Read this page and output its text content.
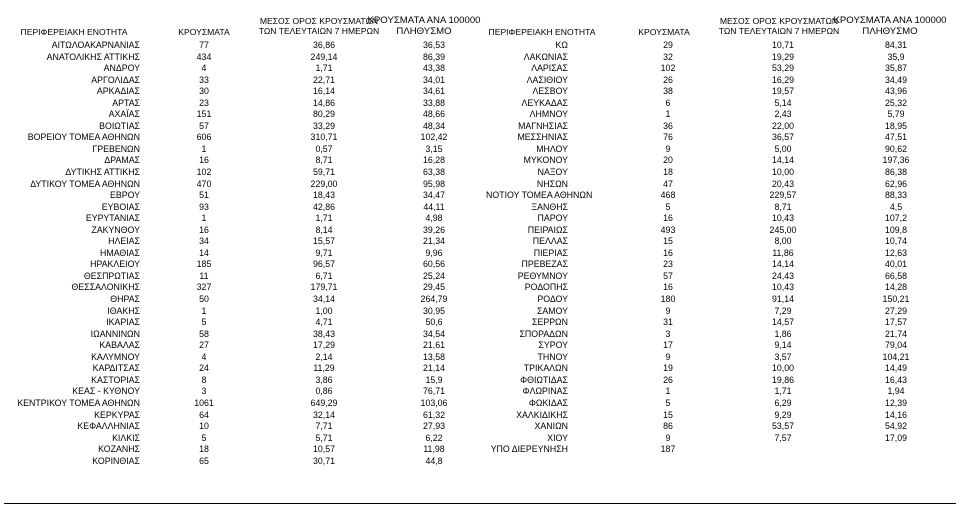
ΠΕΡΙΦΕΡΕΙΑΚΗ ΕΝΟΤΗΤΑ	ΚΡΟΥΣΜΑΤΑ
ΜΕΣΟΣ ΟΡΟΣ ΚΡΟΥΣΜΑΤΩΝ
ΤΩΝ ΤΕΛΕΥΤΑΙΩΝ 7 ΗΜΕΡΩΝ
ΚΡΟΥΣΜΑΤΑ ΑΝΑ 100000
ΠΛΗΘΥΣΜΟ
ΑΙΤΩΛΟΑΚΑΡΝΑΝΙΑΣ	77	36,86	36,53
ΑΝΑΤΟΛΙΚΗΣ ΑΤΤΙΚΗΣ	434	249,14	86,39
ΑΝΔΡΟΥ	4	1,71	43,38
ΑΡΓΟΛΙΔΑΣ	33	22,71	34,01
ΑΡΚΑΔΙΑΣ	30	16,14	34,61
ΑΡΤΑΣ	23	14,86	33,88
ΑΧΑΪΑΣ	151	80,29	48,66
ΒΟΙΩΤΙΑΣ	57	33,29	48,34
ΒΟΡΕΙΟΥ ΤΟΜΕΑ ΑΘΗΝΩΝ	606	310,71	102,42
ΓΡΕΒΕΝΩΝ	1	0,57	3,15
ΔΡΑΜΑΣ	16	8,71	16,28
ΔΥΤΙΚΗΣ ΑΤΤΙΚΗΣ	102	59,71	63,38
ΔΥΤΙΚΟΥ ΤΟΜΕΑ ΑΘΗΝΩΝ	470	229,00	95,98
ΕΒΡΟΥ	51	18,43	34,47
ΕΥΒΟΙΑΣ	93	42,86	44,11
ΕΥΡΥΤΑΝΙΑΣ	1	1,71	4,98
ΖΑΚΥΝΘΟΥ	16	8,14	39,26
ΗΛΕΙΑΣ	34	15,57	21,34
ΗΜΑΘΙΑΣ	14	9,71	9,96
ΗΡΑΚΛΕΙΟΥ	185	96,57	60,56
ΘΕΣΠΡΩΤΙΑΣ	11	6,71	25,24
ΘΕΣΣΑΛΟΝΙΚΗΣ	327	179,71	29,45
ΘΗΡΑΣ	50	34,14	264,79
ΙΘΑΚΗΣ	1	1,00	30,95
ΙΚΑΡΙΑΣ	5	4,71	50,6
ΙΩΑΝΝΙΝΩΝ	58	38,43	34,54
ΚΑΒΑΛΑΣ	27	17,29	21,61
ΚΑΛΥΜΝΟΥ	4	2,14	13,58
ΚΑΡΔΙΤΣΑΣ	24	11,29	21,14
ΚΑΣΤΟΡΙΑΣ	8	3,86	15,9
ΚΕΑΣ - ΚΥΘΝΟΥ	3	0,86	76,71
ΚΕΝΤΡΙΚΟΥ ΤΟΜΕΑ ΑΘΗΝΩΝ	1061	649,29	103,06
ΚΕΡΚΥΡΑΣ	64	32,14	61,32
ΚΕΦΑΛΛΗΝΙΑΣ	10	7,71	27,93
ΚΙΛΚΙΣ	5	5,71	6,22
ΚΟΖΑΝΗΣ	18	10,57	11,98
ΚΟΡΙΝΘΙΑΣ	65	30,71	44,8
ΠΕΡΙΦΕΡΕΙΑΚΗ ΕΝΟΤΗΤΑ	ΚΡΟΥΣΜΑΤΑ
ΜΕΣΟΣ ΟΡΟΣ ΚΡΟΥΣΜΑΤΩΝ
ΤΩΝ ΤΕΛΕΥΤΑΙΩΝ 7 ΗΜΕΡΩΝ
ΚΡΟΥΣΜΑΤΑ ΑΝΑ 100000
ΠΛΗΘΥΣΜΟ
ΚΩ	29	10,71	84,31
ΛΑΚΩΝΙΑΣ	32	19,29	35,9
ΛΑΡΙΣΑΣ	102	53,29	35,87
ΛΑΣΙΘΙΟΥ	26	16,29	34,49
ΛΕΣΒΟΥ	38	19,57	43,96
ΛΕΥΚΑΔΑΣ	6	5,14	25,32
ΛΗΜΝΟΥ	1	2,43	5,79
ΜΑΓΝΗΣΙΑΣ	36	22,00	18,95
ΜΕΣΣΗΝΙΑΣ	76	36,57	47,51
ΜΗΛΟΥ	9	5,00	90,62
ΜΥΚΟΝΟΥ	20	14,14	197,36
ΝΑΞΟΥ	18	10,00	86,38
ΝΗΣΩΝ	47	20,43	62,96
ΝΟΤΙΟΥ ΤΟΜΕΑ ΑΘΗΝΩΝ	468	229,57	88,33
ΞΑΝΘΗΣ	5	8,71	4,5
ΠΑΡΟΥ	16	10,43	107,2
ΠΕΙΡΑΙΩΣ	493	245,00	109,8
ΠΕΛΛΑΣ	15	8,00	10,74
ΠΙΕΡΙΑΣ	16	11,86	12,63
ΠΡΕΒΕΖΑΣ	23	14,14	40,01
ΡΕΘΥΜΝΟΥ	57	24,43	66,58
ΡΟΔΟΠΗΣ	16	10,43	14,28
ΡΟΔΟΥ	180	91,14	150,21
ΣΑΜΟΥ	9	7,29	27,29
ΣΕΡΡΩΝ	31	14,57	17,57
ΣΠΟΡΑΔΩΝ	3	1,86	21,74
ΣΥΡΟΥ	17	9,14	79,04
ΤΗΝΟΥ	9	3,57	104,21
ΤΡΙΚΑΛΩΝ	19	10,00	14,49
ΦΘΙΩΤΙΔΑΣ	26	19,86	16,43
ΦΛΩΡΙΝΑΣ	1	1,71	1,94
ΦΩΚΙΔΑΣ	5	6,29	12,39
ΧΑΛΚΙΔΙΚΗΣ	15	9,29	14,16
ΧΑΝΙΩΝ	86	53,57	54,92
ΧΙΟΥ	9	7,57	17,09
ΥΠΟ ΔΙΕΡΕΥΝΗΣΗ	187
